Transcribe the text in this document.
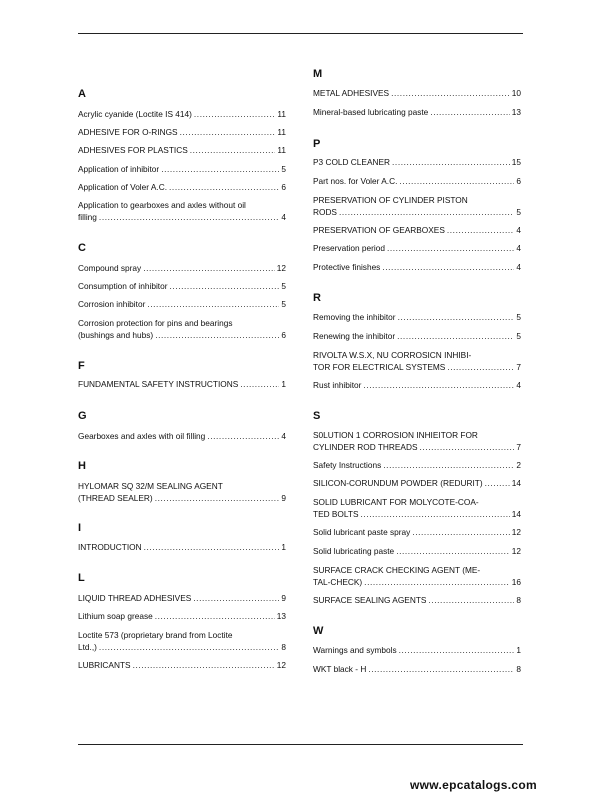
A
Acrylic cyanide (Loctite IS 414) .....	11
ADHESIVE FOR O-RINGS .....	11
ADHESIVES FOR PLASTICS .....	11
Application of inhibitor .....	5
Application of Voler A.C. .....	6
Application to gearboxes and axles without oil
filling .....	4
C
Compound spray .....	12
Consumption of inhibitor .....	5
Corrosion inhibitor .....	5
Corrosion protection for pins and bearings
(bushings and hubs) .....	6
F
FUNDAMENTAL SAFETY INSTRUCTIONS .....	1
G
Gearboxes and axles with oil filling .....	4
H
HYLOMAR SQ 32/M SEALING AGENT
(THREAD SEALER) .....	9
I
INTRODUCTION .....	1
L
LIQUID THREAD ADHESIVES .....	9
Lithium soap grease .....	13
Loctite 573 (proprietary brand from Loctite
Ltd.,) .....	8
LUBRICANTS .....	12
M
METAL ADHESIVES .....	10
Mineral-based lubricating paste .....	13
P
P3 COLD CLEANER .....	15
Part nos. for Voler A.C. .....	6
PRESERVATION OF CYLINDER PISTON
RODS .....	5
PRESERVATION OF GEARBOXES .....	4
Preservation period .....	4
Protective finishes .....	4
R
Removing the inhibitor .....	5
Renewing the inhibitor .....	5
RIVOLTA W.S.X, NU CORROSICN INHIBI-
TOR FOR ELECTRICAL SYSTEMS .....	7
Rust inhibitor .....	4
S
S0LUTION 1 CORROSION INHIEITOR FOR
CYLINDER ROD THREADS .....	7
Safety Instructions .....	2
SILICON-CORUNDUM POWDER (REDURIT) .....	14
SOLID LUBRICANT FOR MOLYCOTE-COA-
TED BOLTS .....	14
Solid lubricant paste spray .....	12
Solid lubricating paste .....	12
SURFACE CRACK CHECKING AGENT (ME-
TAL-CHECK) .....	16
SURFACE SEALING AGENTS .....	8
W
Warnings and symbols .....	1
WKT black - H .....	8
www.epcatalogs.com
